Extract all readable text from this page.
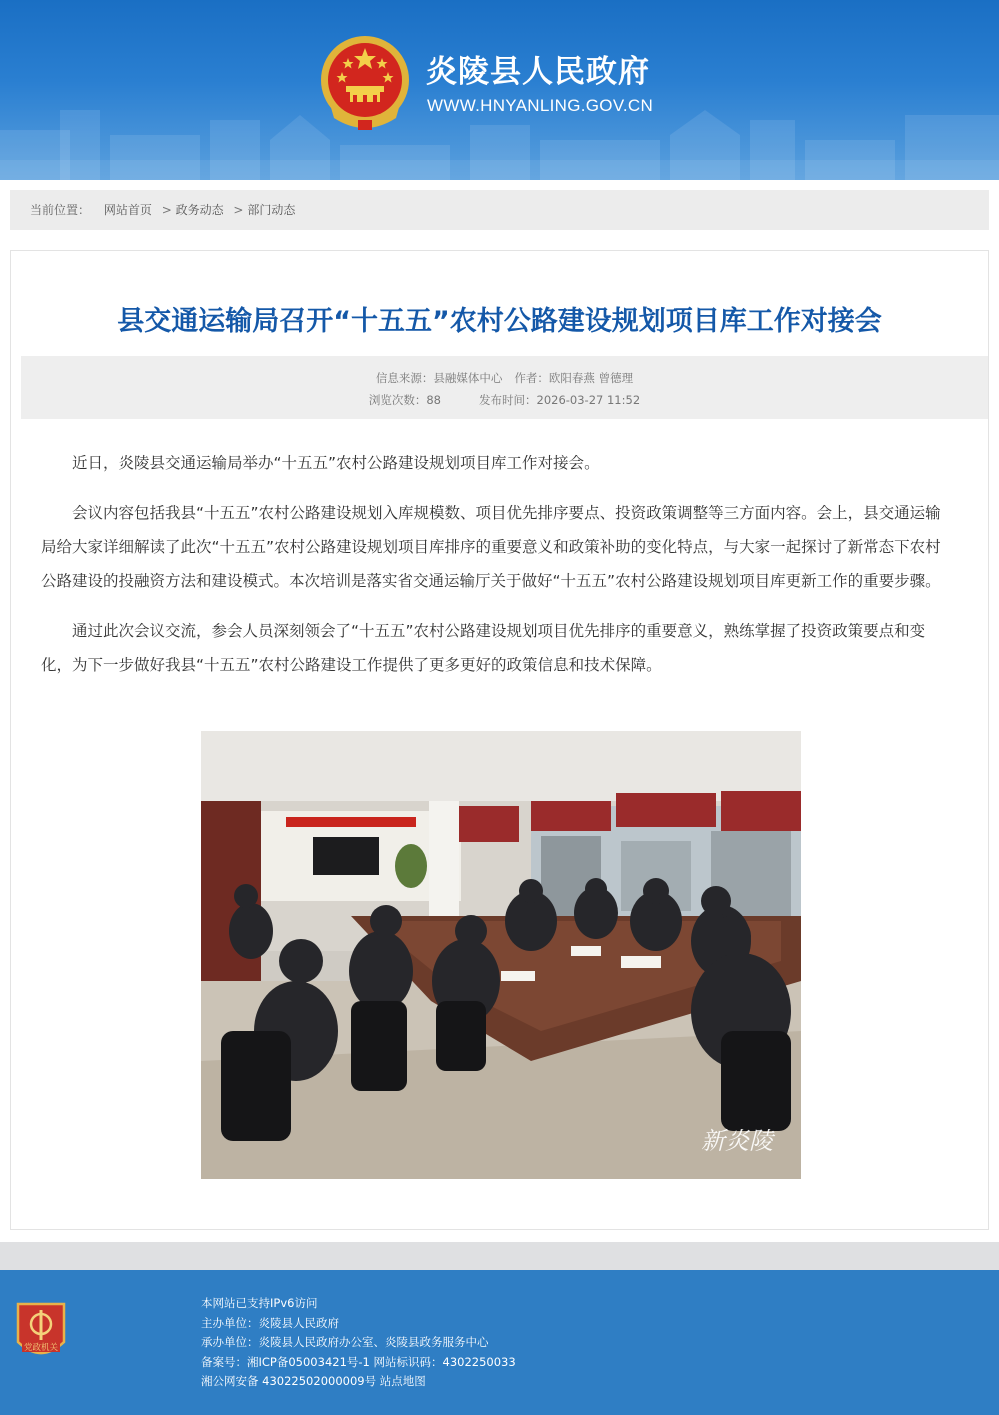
炎陵县人民政府
WWW.HNYANLING.GOV.CN
当前位置： 网站首页 > 政务动态 > 部门动态
县交通运输局召开“十五五”农村公路建设规划项目库工作对接会
信息来源：县融媒体中心 作者：欧阳春燕 曾德理
浏览次数：88	发布时间：2026-03-27 11:52

近日，炎陵县交通运输局举办“十五五”农村公路建设规划项目库工作对接会。

会议内容包括我县“十五五”农村公路建设规划入库规模数、项目优先排序要点、投资政策调整等三方面内容。会上，县交通运输局给大家详细解读了此次“十五五”农村公路建设规划项目库排序的重要意义和政策补助的变化特点，与大家一起探讨了新常态下农村公路建设的投融资方法和建设模式。本次培训是落实省交通运输厅关于做好“十五五”农村公路建设规划项目库更新工作的重要步骤。

通过此次会议交流，参会人员深刻领会了“十五五”农村公路建设规划项目优先排序的重要意义，熟练掌握了投资政策要点和变化，为下一步做好我县“十五五”农村公路建设工作提供了更多更好的政策信息和技术保障。

新炎陵
党政机关
本网站已支持IPv6访问
主办单位：炎陵县人民政府
承办单位：炎陵县人民政府办公室、炎陵县政务服务中心
备案号：湘ICP备05003421号-1 网站标识码：4302250033
湘公网安备 43022502000009号 站点地图
